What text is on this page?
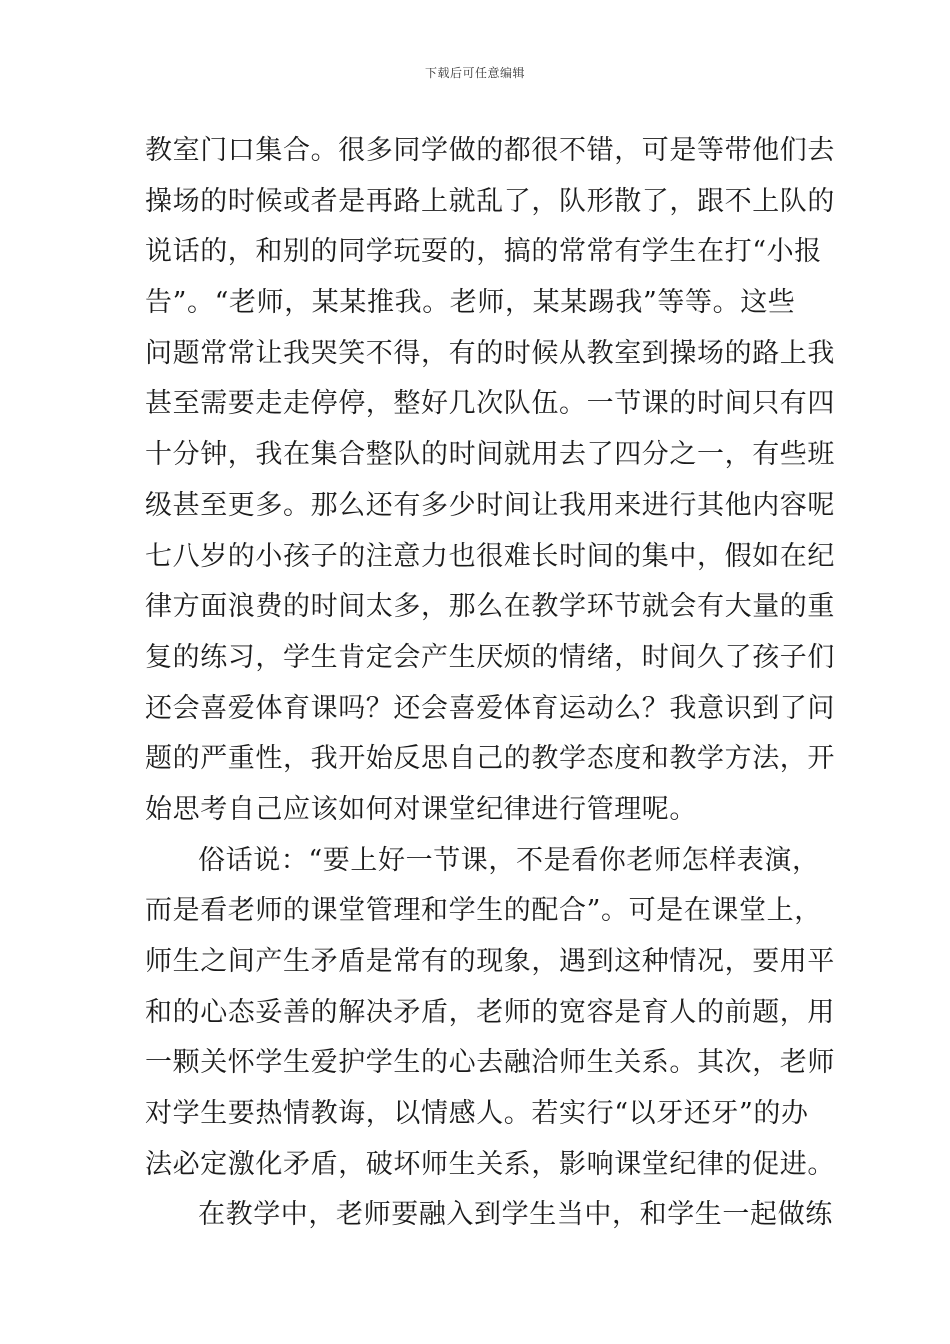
下载后可任意编辑
教室门口集合。很多同学做的都很不错，可是等带他们去
操场的时候或者是再路上就乱了，队形散了，跟不上队的
说话的，和别的同学玩耍的，搞的常常有学生在打“小报
告”。“老师，某某推我。老师，某某踢我”等等。这些
问题常常让我哭笑不得，有的时候从教室到操场的路上我
甚至需要走走停停，整好几次队伍。一节课的时间只有四
十分钟，我在集合整队的时间就用去了四分之一，有些班
级甚至更多。那么还有多少时间让我用来进行其他内容呢
七八岁的小孩子的注意力也很难长时间的集中，假如在纪
律方面浪费的时间太多，那么在教学环节就会有大量的重
复的练习，学生肯定会产生厌烦的情绪，时间久了孩子们
还会喜爱体育课吗？还会喜爱体育运动么？我意识到了问
题的严重性，我开始反思自己的教学态度和教学方法，开
始思考自己应该如何对课堂纪律进行管理呢。
俗话说：“要上好一节课，不是看你老师怎样表演，
而是看老师的课堂管理和学生的配合”。可是在课堂上，
师生之间产生矛盾是常有的现象，遇到这种情况，要用平
和的心态妥善的解决矛盾，老师的宽容是育人的前题，用
一颗关怀学生爱护学生的心去融洽师生关系。其次，老师
对学生要热情教诲，以情感人。若实行“以牙还牙”的办
法必定激化矛盾，破坏师生关系，影响课堂纪律的促进。
在教学中，老师要融入到学生当中，和学生一起做练
